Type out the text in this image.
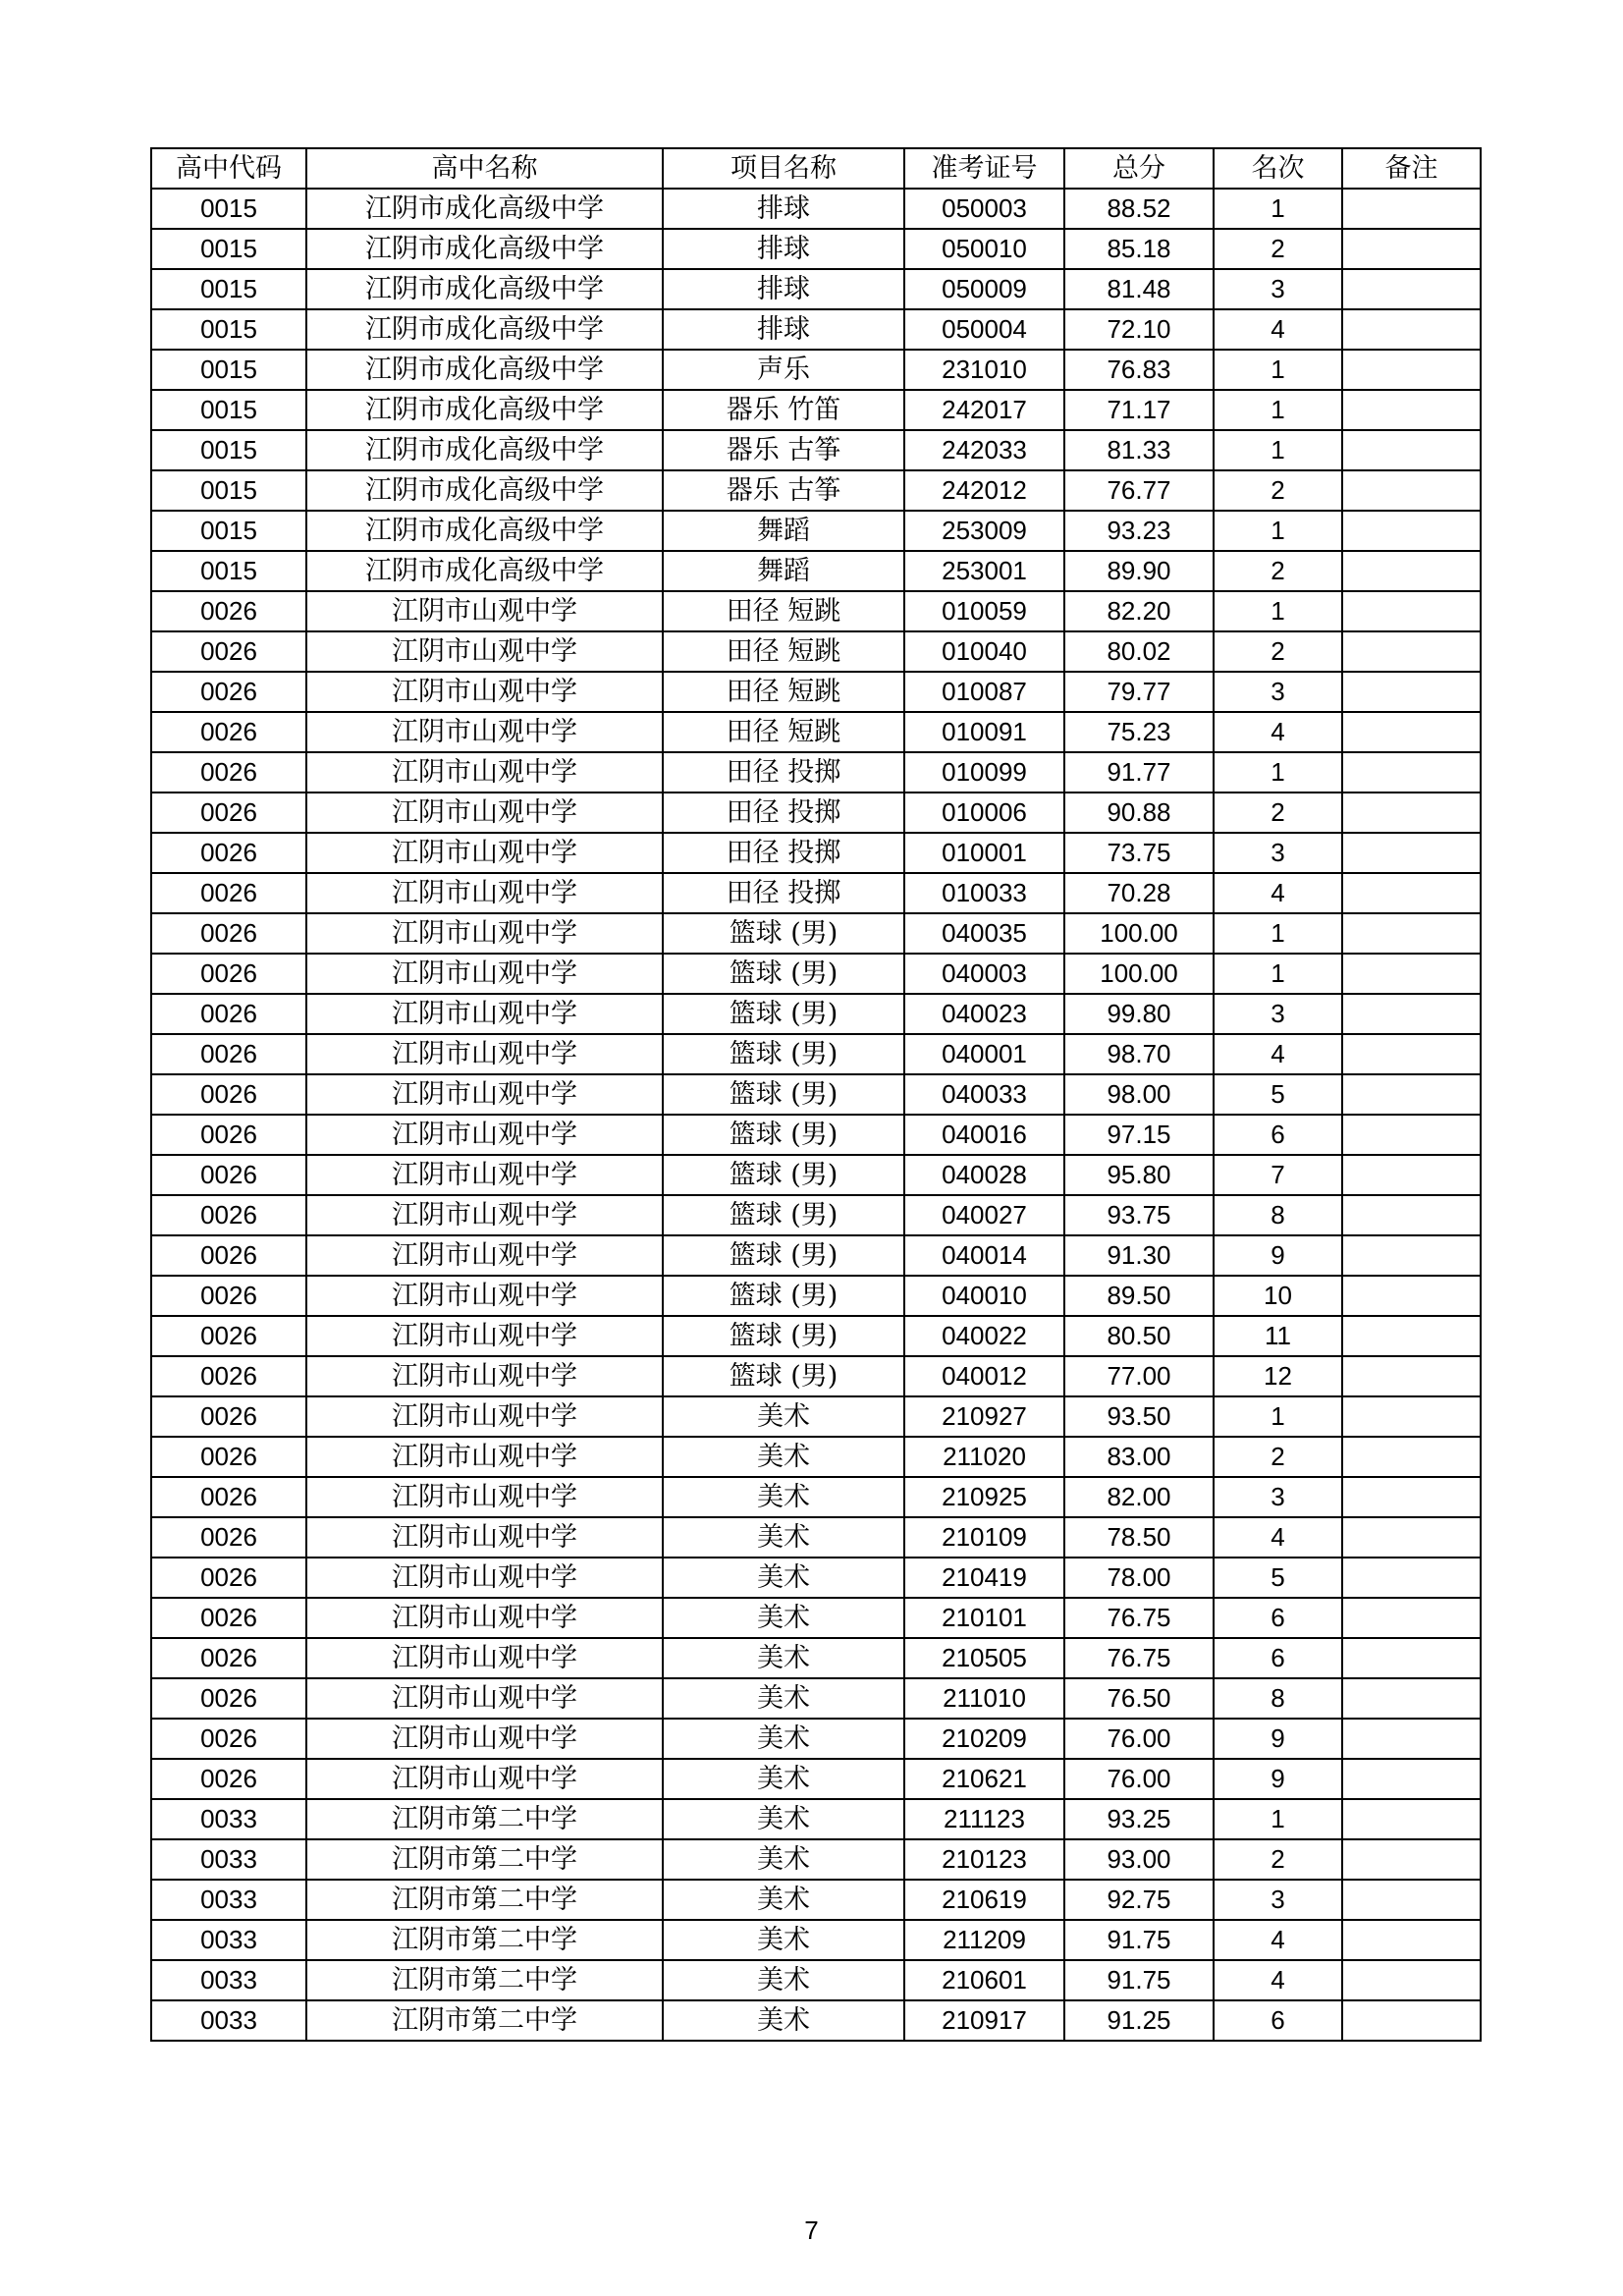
高中代码	高中名称	项目名称	准考证号	总分	名次	备注
0015	江阴市成化高级中学	排球	050003	88.52	1	
0015	江阴市成化高级中学	排球	050010	85.18	2	
0015	江阴市成化高级中学	排球	050009	81.48	3	
0015	江阴市成化高级中学	排球	050004	72.10	4	
0015	江阴市成化高级中学	声乐	231010	76.83	1	
0015	江阴市成化高级中学	器乐 竹笛	242017	71.17	1	
0015	江阴市成化高级中学	器乐 古筝	242033	81.33	1	
0015	江阴市成化高级中学	器乐 古筝	242012	76.77	2	
0015	江阴市成化高级中学	舞蹈	253009	93.23	1	
0015	江阴市成化高级中学	舞蹈	253001	89.90	2	
0026	江阴市山观中学	田径 短跳	010059	82.20	1	
0026	江阴市山观中学	田径 短跳	010040	80.02	2	
0026	江阴市山观中学	田径 短跳	010087	79.77	3	
0026	江阴市山观中学	田径 短跳	010091	75.23	4	
0026	江阴市山观中学	田径 投掷	010099	91.77	1	
0026	江阴市山观中学	田径 投掷	010006	90.88	2	
0026	江阴市山观中学	田径 投掷	010001	73.75	3	
0026	江阴市山观中学	田径 投掷	010033	70.28	4	
0026	江阴市山观中学	篮球 (男)	040035	100.00	1	
0026	江阴市山观中学	篮球 (男)	040003	100.00	1	
0026	江阴市山观中学	篮球 (男)	040023	99.80	3	
0026	江阴市山观中学	篮球 (男)	040001	98.70	4	
0026	江阴市山观中学	篮球 (男)	040033	98.00	5	
0026	江阴市山观中学	篮球 (男)	040016	97.15	6	
0026	江阴市山观中学	篮球 (男)	040028	95.80	7	
0026	江阴市山观中学	篮球 (男)	040027	93.75	8	
0026	江阴市山观中学	篮球 (男)	040014	91.30	9	
0026	江阴市山观中学	篮球 (男)	040010	89.50	10	
0026	江阴市山观中学	篮球 (男)	040022	80.50	11	
0026	江阴市山观中学	篮球 (男)	040012	77.00	12	
0026	江阴市山观中学	美术	210927	93.50	1	
0026	江阴市山观中学	美术	211020	83.00	2	
0026	江阴市山观中学	美术	210925	82.00	3	
0026	江阴市山观中学	美术	210109	78.50	4	
0026	江阴市山观中学	美术	210419	78.00	5	
0026	江阴市山观中学	美术	210101	76.75	6	
0026	江阴市山观中学	美术	210505	76.75	6	
0026	江阴市山观中学	美术	211010	76.50	8	
0026	江阴市山观中学	美术	210209	76.00	9	
0026	江阴市山观中学	美术	210621	76.00	9	
0033	江阴市第二中学	美术	211123	93.25	1	
0033	江阴市第二中学	美术	210123	93.00	2	
0033	江阴市第二中学	美术	210619	92.75	3	
0033	江阴市第二中学	美术	211209	91.75	4	
0033	江阴市第二中学	美术	210601	91.75	4	
0033	江阴市第二中学	美术	210917	91.25	6	
7
